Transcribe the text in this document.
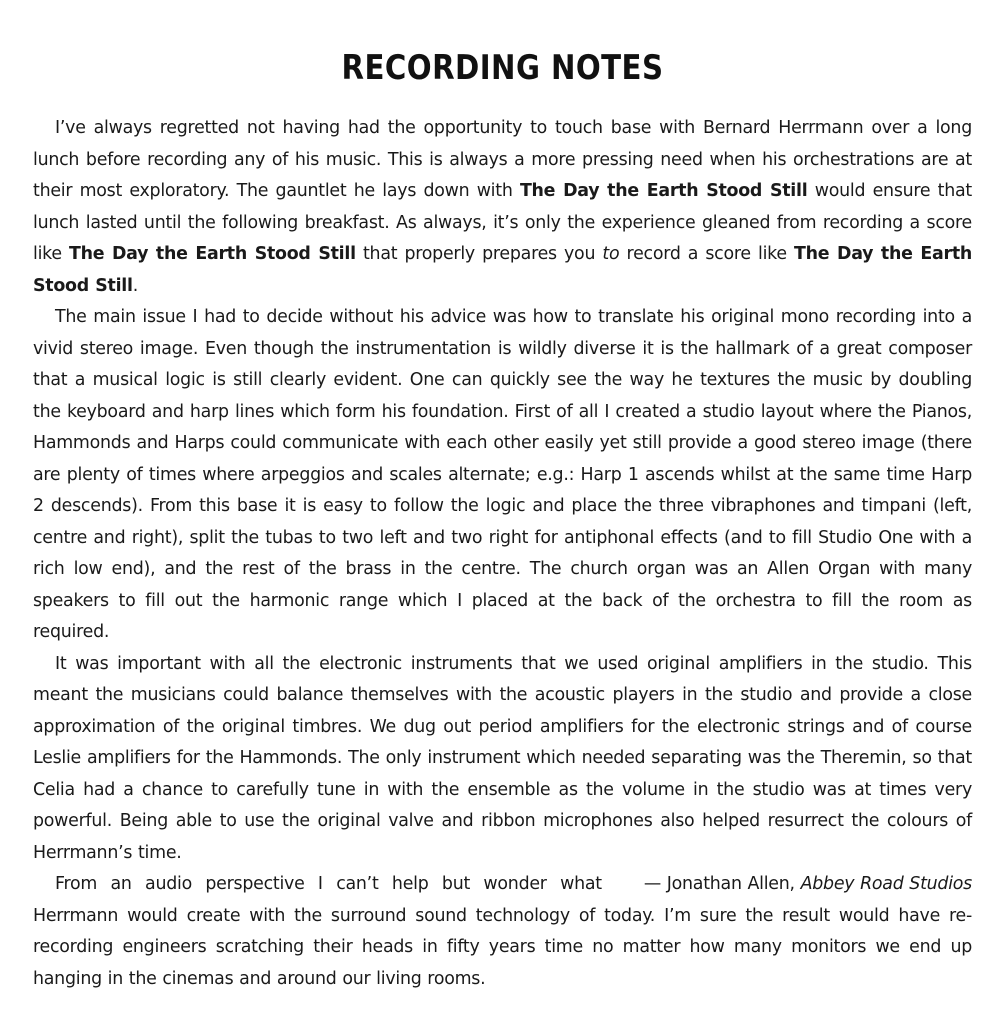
RECORDING NOTES

I’ve always regretted not having had the opportunity to touch base with Bernard Herrmann over a long lunch before recording any of his music. This is always a more pressing need when his orchestrations are at their most exploratory. The gauntlet he lays down with The Day the Earth Stood Still would ensure that lunch lasted until the following breakfast. As always, it’s only the experience gleaned from recording a score like The Day the Earth Stood Still that properly prepares you to record a score like The Day the Earth Stood Still.

The main issue I had to decide without his advice was how to translate his original mono recording into a vivid stereo image. Even though the instrumentation is wildly diverse it is the hallmark of a great composer that a musical logic is still clearly evident. One can quickly see the way he textures the music by doubling the keyboard and harp lines which form his foundation. First of all I created a studio layout where the Pianos, Hammonds and Harps could communicate with each other easily yet still provide a good stereo image (there are plenty of times where arpeggios and scales alternate; e.g.: Harp 1 ascends whilst at the same time Harp 2 descends). From this base it is easy to follow the logic and place the three vibraphones and timpani (left, centre and right), split the tubas to two left and two right for antiphonal effects (and to fill Studio One with a rich low end), and the rest of the brass in the centre. The church organ was an Allen Organ with many speakers to fill out the harmonic range which I placed at the back of the orchestra to fill the room as required.

It was important with all the electronic instruments that we used original amplifiers in the studio. This meant the musicians could balance themselves with the acoustic players in the studio and provide a close approximation of the original timbres. We dug out period amplifiers for the electronic strings and of course Leslie amplifiers for the Hammonds. The only instrument which needed separating was the Theremin, so that Celia had a chance to carefully tune in with the ensemble as the volume in the studio was at times very powerful. Being able to use the original valve and ribbon microphones also helped resurrect the colours of Herrmann’s time.

— Jonathan Allen, Abbey Road Studios
From an audio perspective I can’t help but wonder what Herrmann would create with the surround sound technology of today. I’m sure the result would have re-recording engineers scratching their heads in fifty years time no matter how many monitors we end up hanging in the cinemas and around our living rooms.
